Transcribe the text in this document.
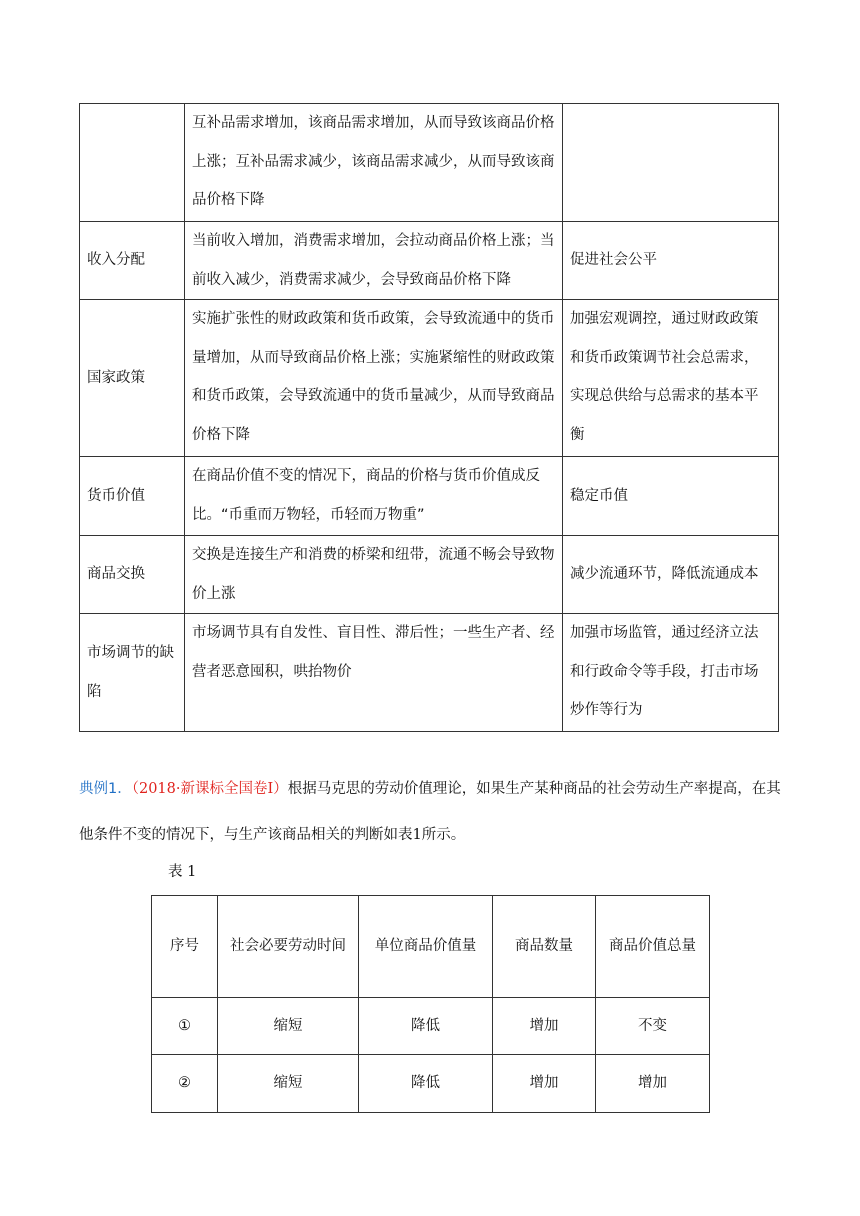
	互补品需求增加，该商品需求增加，从而导致该商品价格上涨；互补品需求减少，该商品需求减少，从而导致该商品价格下降	
收入分配	当前收入增加，消费需求增加，会拉动商品价格上涨；当前收入减少，消费需求减少，会导致商品价格下降	促进社会公平
国家政策	实施扩张性的财政政策和货币政策，会导致流通中的货币量增加，从而导致商品价格上涨；实施紧缩性的财政政策和货币政策，会导致流通中的货币量减少，从而导致商品价格下降	加强宏观调控，通过财政政策和货币政策调节社会总需求，实现总供给与总需求的基本平衡
货币价值	在商品价值不变的情况下，商品的价格与货币价值成反比。“币重而万物轻，币轻而万物重”	稳定币值
商品交换	交换是连接生产和消费的桥梁和纽带，流通不畅会导致物价上涨	减少流通环节，降低流通成本
市场调节的缺陷	市场调节具有自发性、盲目性、滞后性；一些生产者、经营者恶意囤积，哄抬物价	加强市场监管，通过经济立法和行政命令等手段，打击市场炒作等行为
典例1．（2018·新课标全国卷Ⅰ）根据马克思的劳动价值理论，如果生产某种商品的社会劳动生产率提高，在其他条件不变的情况下，与生产该商品相关的判断如表1所示。
表 1
序号	社会必要劳动时间	单位商品价值量	商品数量	商品价值总量
①	缩短	降低	增加	不变
②	缩短	降低	增加	增加
